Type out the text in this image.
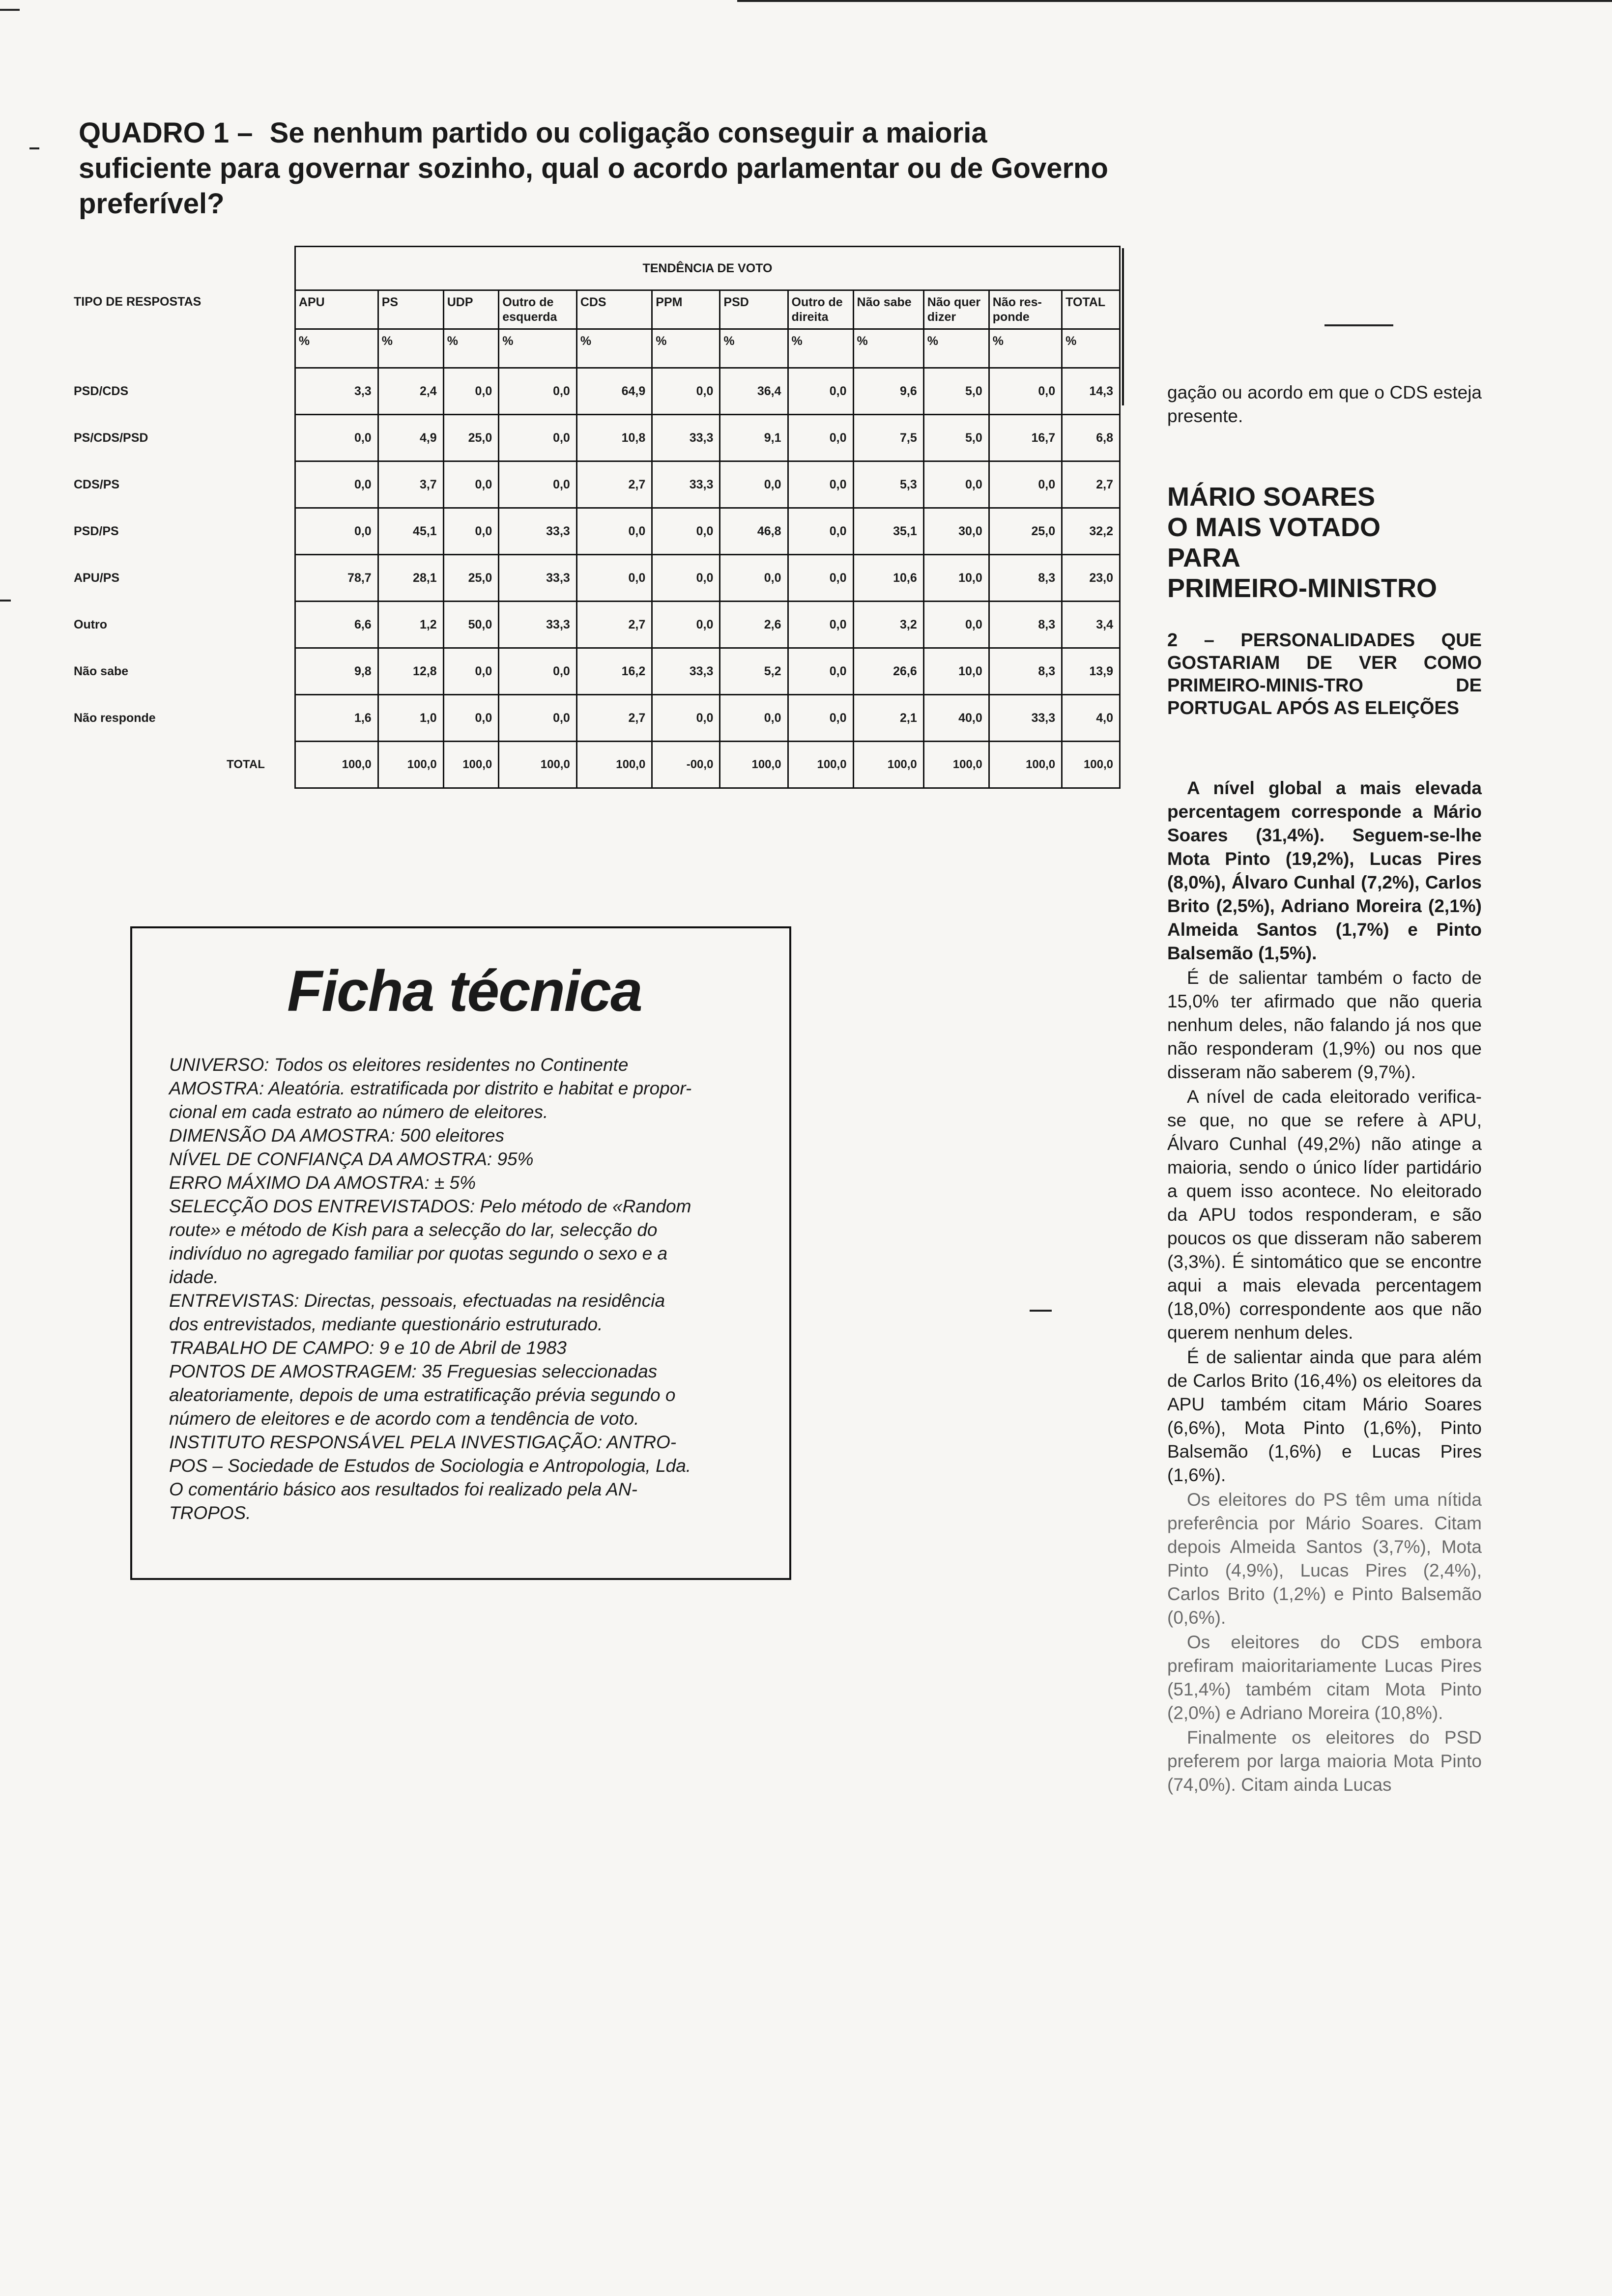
QUADRO 1 – Se nenhum partido ou coligação conseguir a maioria suficiente para governar sozinho, qual o acordo parlamentar ou de Governo preferível?
	TENDÊNCIA DE VOTO											
TIPO DE RESPOSTAS	APU	PS	UDP	Outro de esquerda	CDS	PPM	PSD	Outro de direita	Não sabe	Não quer dizer	Não res-ponde	TOTAL
	%	%	%	%	%	%	%	%	%	%	%	%
PSD/CDS	3,3	2,4	0,0	0,0	64,9	0,0	36,4	0,0	9,6	5,0	0,0	14,3
PS/CDS/PSD	0,0	4,9	25,0	0,0	10,8	33,3	9,1	0,0	7,5	5,0	16,7	6,8
CDS/PS	0,0	3,7	0,0	0,0	2,7	33,3	0,0	0,0	5,3	0,0	0,0	2,7
PSD/PS	0,0	45,1	0,0	33,3	0,0	0,0	46,8	0,0	35,1	30,0	25,0	32,2
APU/PS	78,7	28,1	25,0	33,3	0,0	0,0	0,0	0,0	10,6	10,0	8,3	23,0
Outro	6,6	1,2	50,0	33,3	2,7	0,0	2,6	0,0	3,2	0,0	8,3	3,4
Não sabe	9,8	12,8	0,0	0,0	16,2	33,3	5,2	0,0	26,6	10,0	8,3	13,9
Não responde	1,6	1,0	0,0	0,0	2,7	0,0	0,0	0,0	2,1	40,0	33,3	4,0
TOTAL	100,0	100,0	100,0	100,0	100,0	-00,0	100,0	100,0	100,0	100,0	100,0	100,0
Ficha técnica

UNIVERSO: Todos os eleitores residentes no Continente

AMOSTRA: Aleatória. estratificada por distrito e habitat e propor-

cional em cada estrato ao número de eleitores.

DIMENSÃO DA AMOSTRA: 500 eleitores

NÍVEL DE CONFIANÇA DA AMOSTRA: 95%

ERRO MÁXIMO DA AMOSTRA: ± 5%

SELECÇÃO DOS ENTREVISTADOS: Pelo método de «Random

route» e método de Kish para a selecção do lar, selecção do

indivíduo no agregado familiar por quotas segundo o sexo e a

idade.

ENTREVISTAS: Directas, pessoais, efectuadas na residência

dos entrevistados, mediante questionário estruturado.

TRABALHO DE CAMPO: 9 e 10 de Abril de 1983

PONTOS DE AMOSTRAGEM: 35 Freguesias seleccionadas

aleatoriamente, depois de uma estratificação prévia segundo o

número de eleitores e de acordo com a tendência de voto.

INSTITUTO RESPONSÁVEL PELA INVESTIGAÇÃO: ANTRO-

POS – Sociedade de Estudos de Sociologia e Antropologia, Lda.

O comentário básico aos resultados foi realizado pela AN-

TROPOS.

gação ou acordo em que o CDS esteja presente.
MÁRIO SOARES
O MAIS VOTADO
PARA
PRIMEIRO-MINISTRO
2 – PERSONALIDADES QUE GOSTARIAM DE VER COMO PRIMEIRO-MINIS-TRO DE PORTUGAL APÓS AS ELEIÇÕES

A nível global a mais elevada percentagem corresponde a Mário Soares (31,4%). Seguem-se-lhe Mota Pinto (19,2%), Lucas Pires (8,0%), Álvaro Cunhal (7,2%), Carlos Brito (2,5%), Adriano Moreira (2,1%) Almeida Santos (1,7%) e Pinto Balsemão (1,5%).

É de salientar também o facto de 15,0% ter afirmado que não queria nenhum deles, não falando já nos que não responderam (1,9%) ou nos que disseram não saberem (9,7%).

A nível de cada eleitorado verifica-se que, no que se refere à APU, Álvaro Cunhal (49,2%) não atinge a maioria, sendo o único líder partidário a quem isso acontece. No eleitorado da APU todos responderam, e são poucos os que disseram não saberem (3,3%). É sintomático que se encontre aqui a mais elevada percentagem (18,0%) correspondente aos que não querem nenhum deles.

É de salientar ainda que para além de Carlos Brito (16,4%) os eleitores da APU também citam Mário Soares (6,6%), Mota Pinto (1,6%), Pinto Balsemão (1,6%) e Lucas Pires (1,6%).

Os eleitores do PS têm uma nítida preferência por Mário Soares. Citam depois Almeida Santos (3,7%), Mota Pinto (4,9%), Lucas Pires (2,4%), Carlos Brito (1,2%) e Pinto Balsemão (0,6%).

Os eleitores do CDS embora prefiram maioritariamente Lucas Pires (51,4%) também citam Mota Pinto (2,0%) e Adriano Moreira (10,8%).

Finalmente os eleitores do PSD preferem por larga maioria Mota Pinto (74,0%). Citam ainda Lucas
